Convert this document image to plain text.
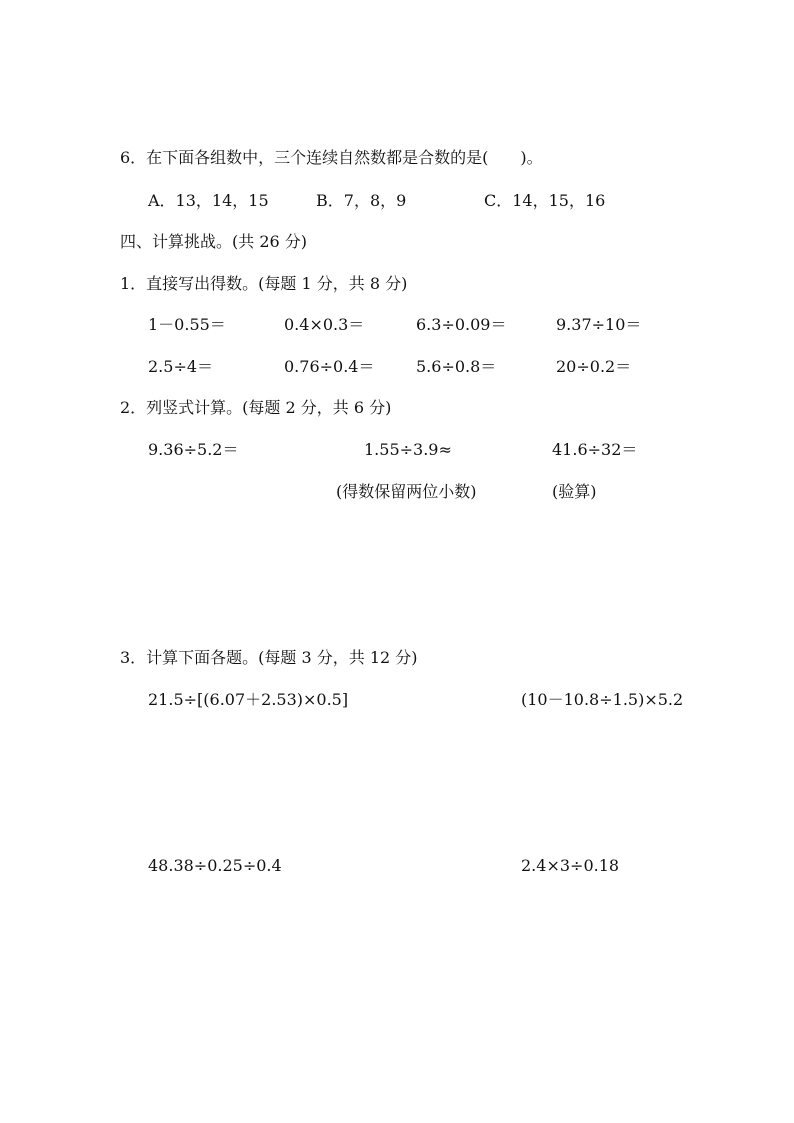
6．在下面各组数中，三个连续自然数都是合数的是(　　)。
A．13，14，15	B．7，8，9	C．14，15，16
四、计算挑战。(共 26 分)
1．直接写出得数。(每题 1 分，共 8 分)
1－0.55＝	0.4×0.3＝	6.3÷0.09＝	9.37÷10＝
2.5÷4＝	0.76÷0.4＝	5.6÷0.8＝	20÷0.2＝
2．列竖式计算。(每题 2 分，共 6 分)
9.36÷5.2＝	1.55÷3.9≈	41.6÷32＝
(得数保留两位小数)	(验算)
3．计算下面各题。(每题 3 分，共 12 分)
21.5÷[(6.07＋2.53)×0.5]	(10－10.8÷1.5)×5.2
48.38÷0.25÷0.4	2.4×3÷0.18
